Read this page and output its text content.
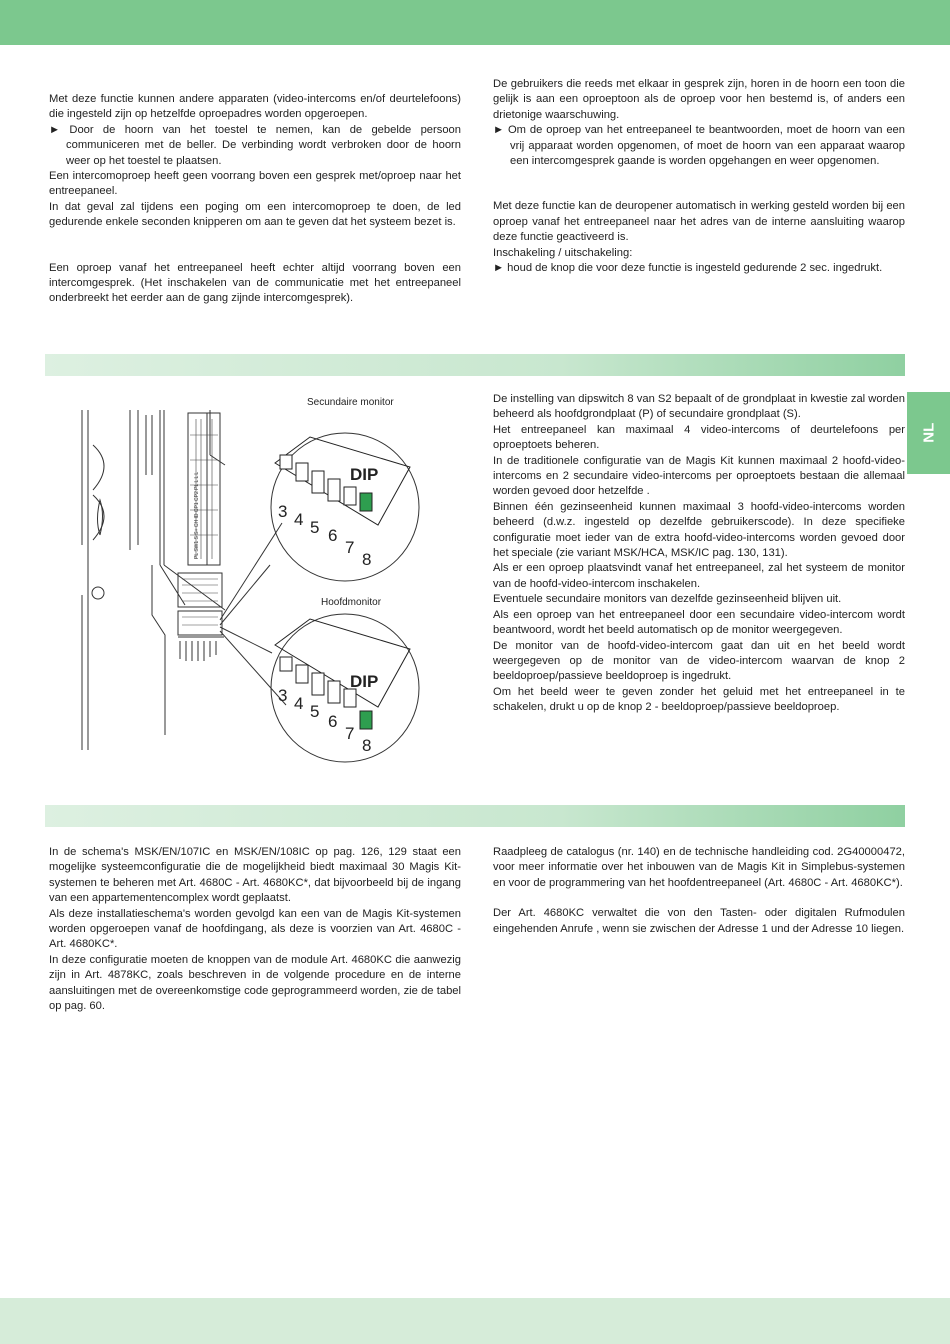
Met deze functie kunnen andere apparaten (video-intercoms en/of deurtelefoons) die ingesteld zijn op hetzelfde oproepadres worden opgeroepen.

► Door de hoorn van het toestel te nemen, kan de gebelde persoon communiceren met de beller. De verbinding wordt verbroken door de hoorn weer op het toestel te plaatsen.

Een intercomoproep heeft geen voorrang boven een gesprek met/oproep naar het entreepaneel.

In dat geval zal tijdens een poging om een intercomoproep te doen, de led gedurende enkele seconden knipperen om aan te geven dat het systeem bezet is.

Een oproep vanaf het entreepaneel heeft echter altijd voorrang boven een intercomgesprek. (Het inschakelen van de communicatie met het entreepaneel onderbreekt het eerder aan de gang zijnde intercomgesprek).

De gebruikers die reeds met elkaar in gesprek zijn, horen in de hoorn een toon die gelijk is aan een oproeptoon als de oproep voor hen bestemd is, of anders een drietonige waarschuwing.

► Om de oproep van het entreepaneel te beantwoorden, moet de hoorn van een vrij apparaat worden opgenomen, of moet de hoorn van een apparaat waarop een intercomgesprek gaande is worden opgehangen en weer opgenomen.

Met deze functie kan de deuropener automatisch in werking gesteld worden bij een oproep vanaf het entreepaneel naar het adres van de interne aansluiting waarop deze functie geactiveerd is.

Inschakeling / uitschakeling:

► houd de knop die voor deze functie is ingesteld gedurende 2 sec. ingedrukt.

NL
Secundaire monitor
Hoofdmonitor
PL SW1 S S+ CH ID CP1 CP2 PL L L L	DIP
3 4 5 6
7
8
DIP
3 4 5
6
7
8

De instelling van dipswitch 8 van S2 bepaalt of de grondplaat in kwestie zal worden beheerd als hoofdgrondplaat (P) of secundaire grondplaat (S).

Het entreepaneel kan maximaal 4 video-intercoms of deurtelefoons per oproeptoets beheren.

In de traditionele configuratie van de Magis Kit kunnen maximaal 2 hoofd-video-intercoms en 2 secundaire video-intercoms per oproeptoets bestaan die allemaal worden gevoed door hetzelfde .

Binnen één gezinseenheid kunnen maximaal 3 hoofd-video-intercoms worden beheerd (d.w.z. ingesteld op dezelfde gebruikerscode). In deze specifieke configuratie moet ieder van de extra hoofd-video-intercoms worden gevoed door het speciale (zie variant MSK/HCA, MSK/IC pag. 130, 131).

Als er een oproep plaatsvindt vanaf het entreepaneel, zal het systeem de monitor van de hoofd-video-intercom inschakelen.

Eventuele secundaire monitors van dezelfde gezinseenheid blijven uit.

Als een oproep van het entreepaneel door een secundaire video-intercom wordt beantwoord, wordt het beeld automatisch op de monitor weergegeven.

De monitor van de hoofd-video-intercom gaat dan uit en het beeld wordt weergegeven op de monitor van de video-intercom waarvan de knop 2 beeldoproep/passieve beeldoproep is ingedrukt.

Om het beeld weer te geven zonder het geluid met het entreepaneel in te schakelen, drukt u op de knop 2 - beeldoproep/passieve beeldoproep.

In de schema's MSK/EN/107IC en MSK/EN/108IC op pag. 126, 129 staat een mogelijke systeemconfiguratie die de mogelijkheid biedt maximaal 30 Magis Kit-systemen te beheren met Art. 4680C - Art. 4680KC*, dat bijvoorbeeld bij de ingang van een appartementencomplex wordt geplaatst.

Als deze installatieschema's worden gevolgd kan een van de Magis Kit-systemen worden opgeroepen vanaf de hoofdingang, als deze is voorzien van Art. 4680C - Art. 4680KC*.

In deze configuratie moeten de knoppen van de module Art. 4680KC die aanwezig zijn in Art. 4878KC, zoals beschreven in de volgende procedure en de interne aansluitingen met de overeenkomstige code geprogrammeerd worden, zie de tabel op pag. 60.

Raadpleeg de catalogus (nr. 140) en de technische handleiding cod. 2G40000472, voor meer informatie over het inbouwen van de Magis Kit in Simplebus-systemen en voor de programmering van het hoofdentreepaneel (Art. 4680C - Art. 4680KC*).

Der Art. 4680KC verwaltet die von den Tasten- oder digitalen Rufmodulen eingehenden Anrufe , wenn sie zwischen der Adresse 1 und der Adresse 10 liegen.
